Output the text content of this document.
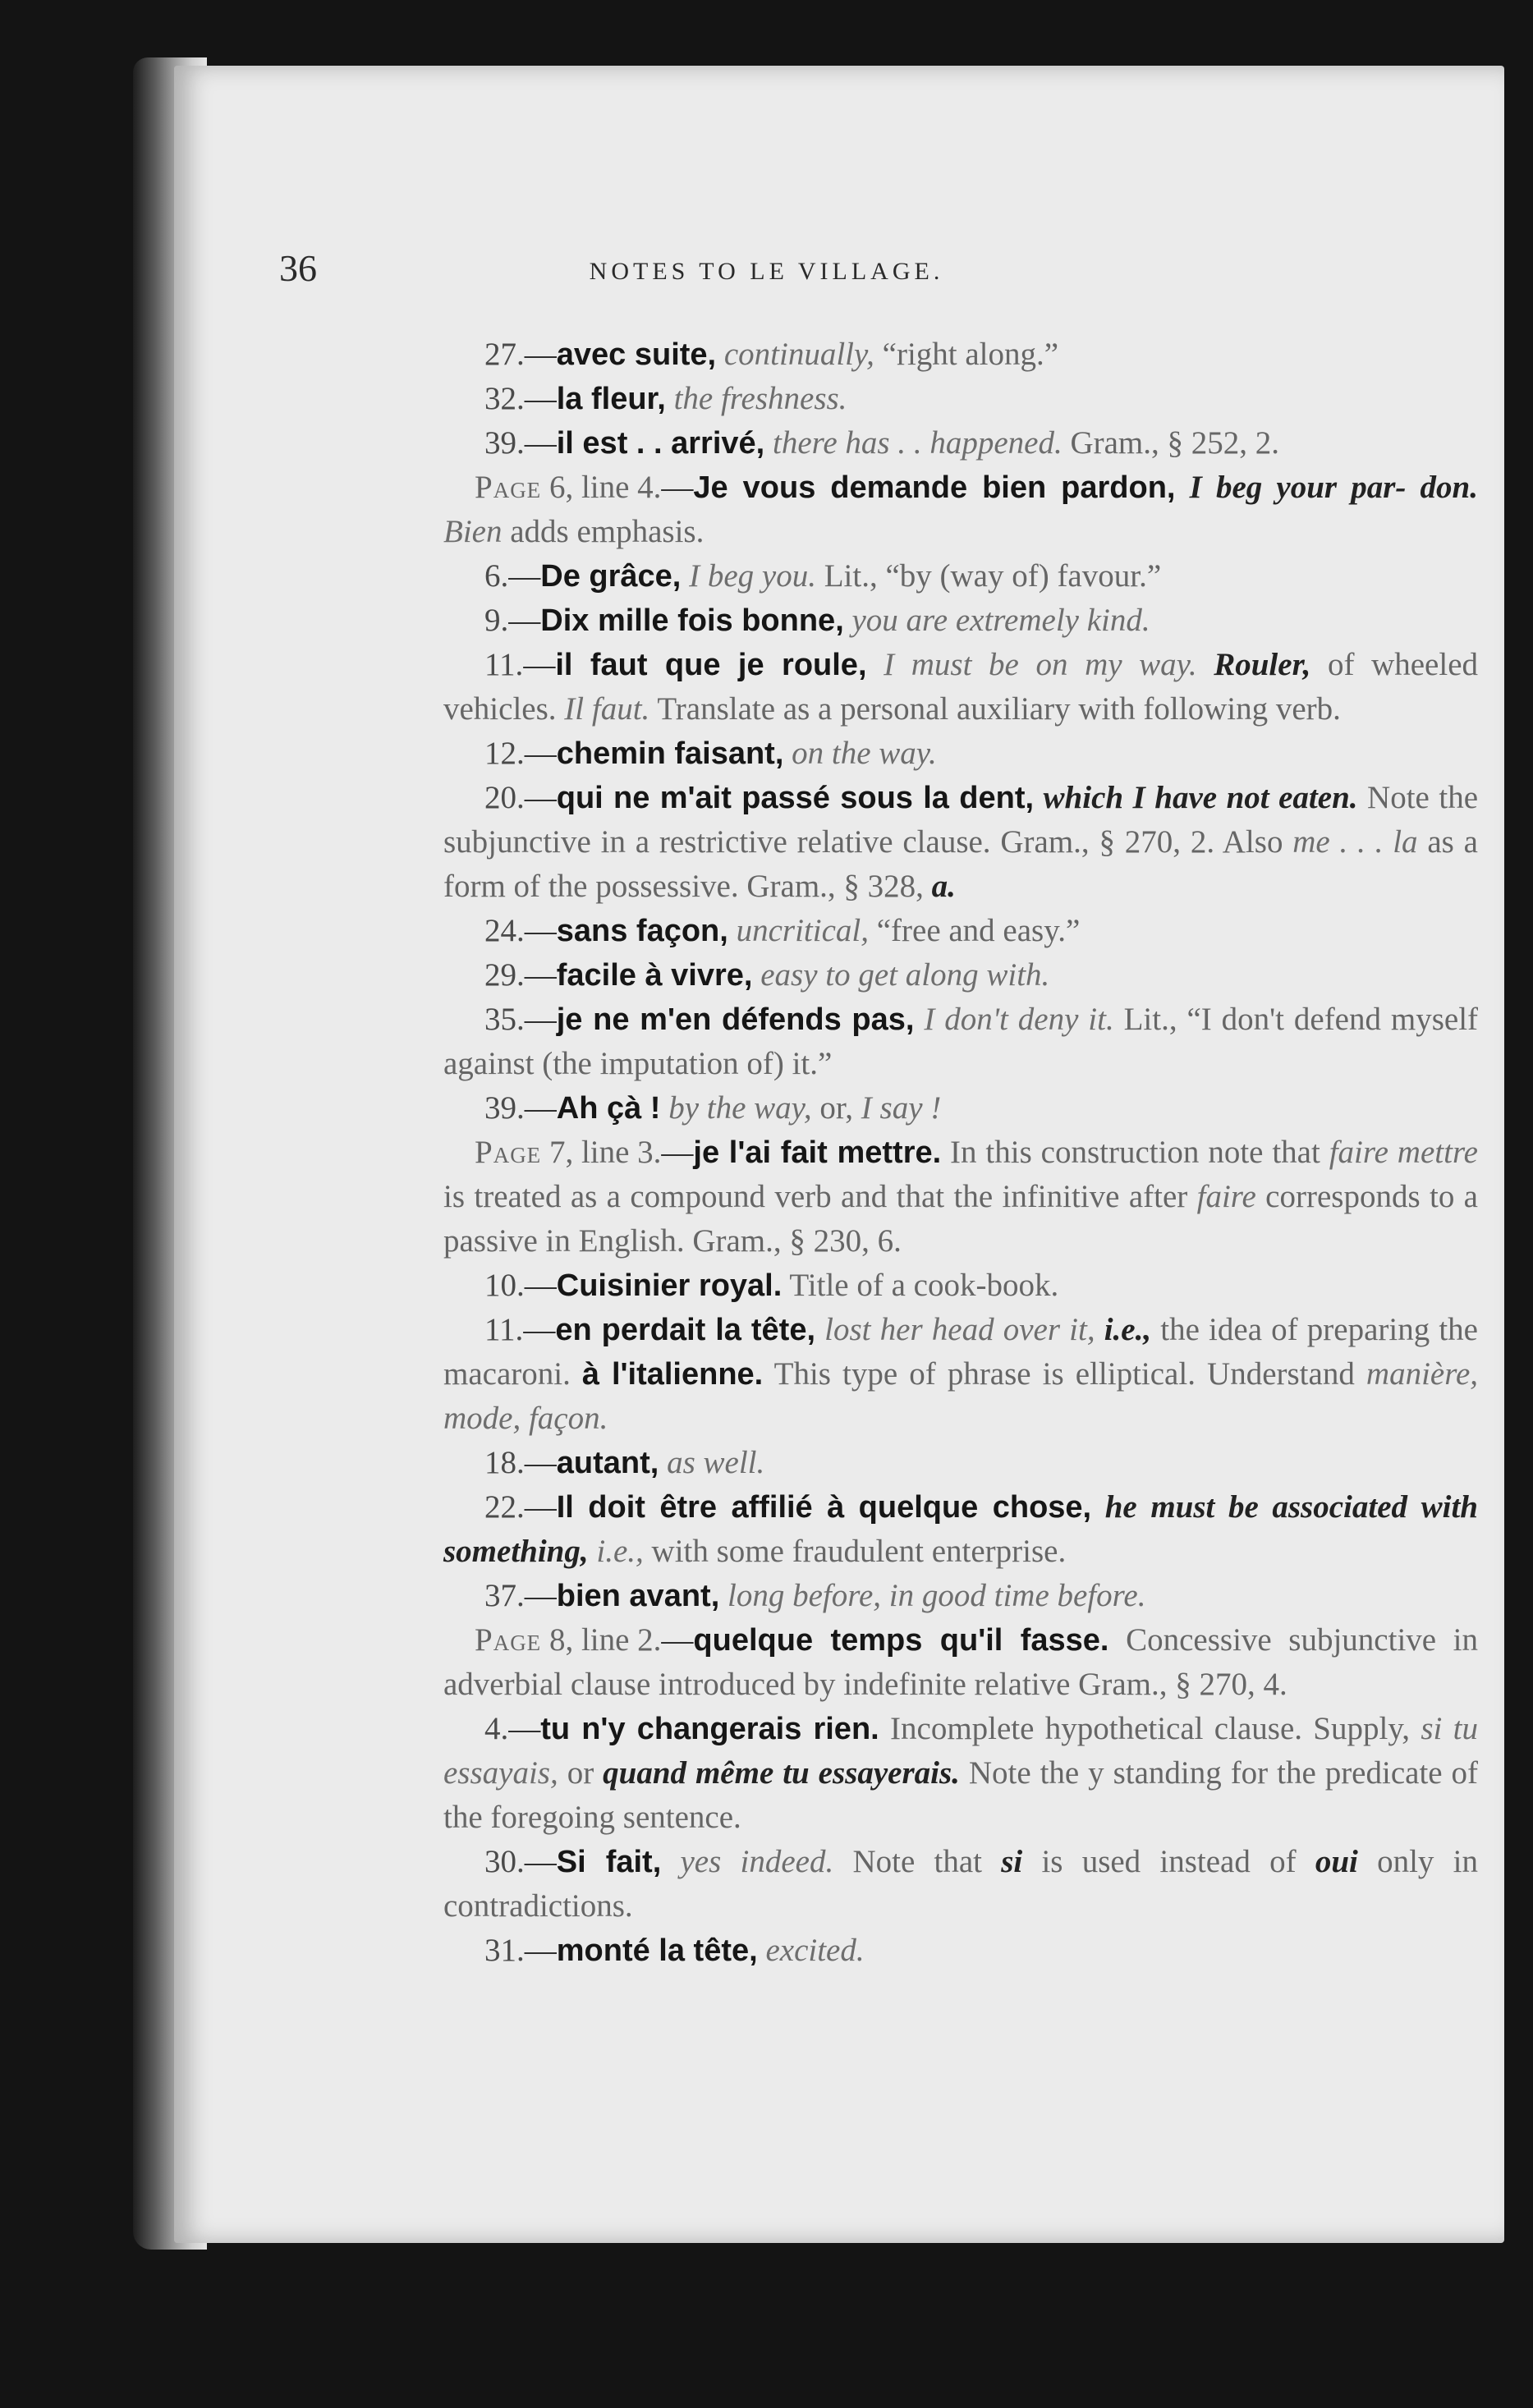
36	NOTES TO LE VILLAGE.

27.—avec suite, continually, “right along.”

32.—la fleur, the freshness.

39.—il est . . arrivé, there has . . happened. Gram., § 252, 2.

Page 6, line 4.—Je vous demande bien pardon, I beg your par- don. Bien adds emphasis.

6.—De grâce, I beg you. Lit., “by (way of) favour.”

9.—Dix mille fois bonne, you are extremely kind.

11.—il faut que je roule, I must be on my way. Rouler, of wheeled vehicles. Il faut. Translate as a personal auxiliary with following verb.

12.—chemin faisant, on the way.

20.—qui ne m'ait passé sous la dent, which I have not eaten. Note the subjunctive in a restrictive relative clause. Gram., § 270, 2. Also me . . . la as a form of the possessive. Gram., § 328, a.

24.—sans façon, uncritical, “free and easy.”

29.—facile à vivre, easy to get along with.

35.—je ne m'en défends pas, I don't deny it. Lit., “I don't defend myself against (the imputation of) it.”

39.—Ah çà ! by the way, or, I say !

Page 7, line 3.—je l'ai fait mettre. In this construction note that faire mettre is treated as a compound verb and that the infinitive after faire corresponds to a passive in English. Gram., § 230, 6.

10.—Cuisinier royal. Title of a cook-book.

11.—en perdait la tête, lost her head over it, i.e., the idea of preparing the macaroni. à l'italienne. This type of phrase is elliptical. Understand manière, mode, façon.

18.—autant, as well.

22.—Il doit être affilié à quelque chose, he must be associated with something, i.e., with some fraudulent enterprise.

37.—bien avant, long before, in good time before.

Page 8, line 2.—quelque temps qu'il fasse. Concessive subjunctive in adverbial clause introduced by indefinite relative Gram., § 270, 4.

4.—tu n'y changerais rien. Incomplete hypothetical clause. Supply, si tu essayais, or quand même tu essayerais. Note the y standing for the predicate of the foregoing sentence.

30.—Si fait, yes indeed. Note that si is used instead of oui only in contradictions.

31.—monté la tête, excited.
